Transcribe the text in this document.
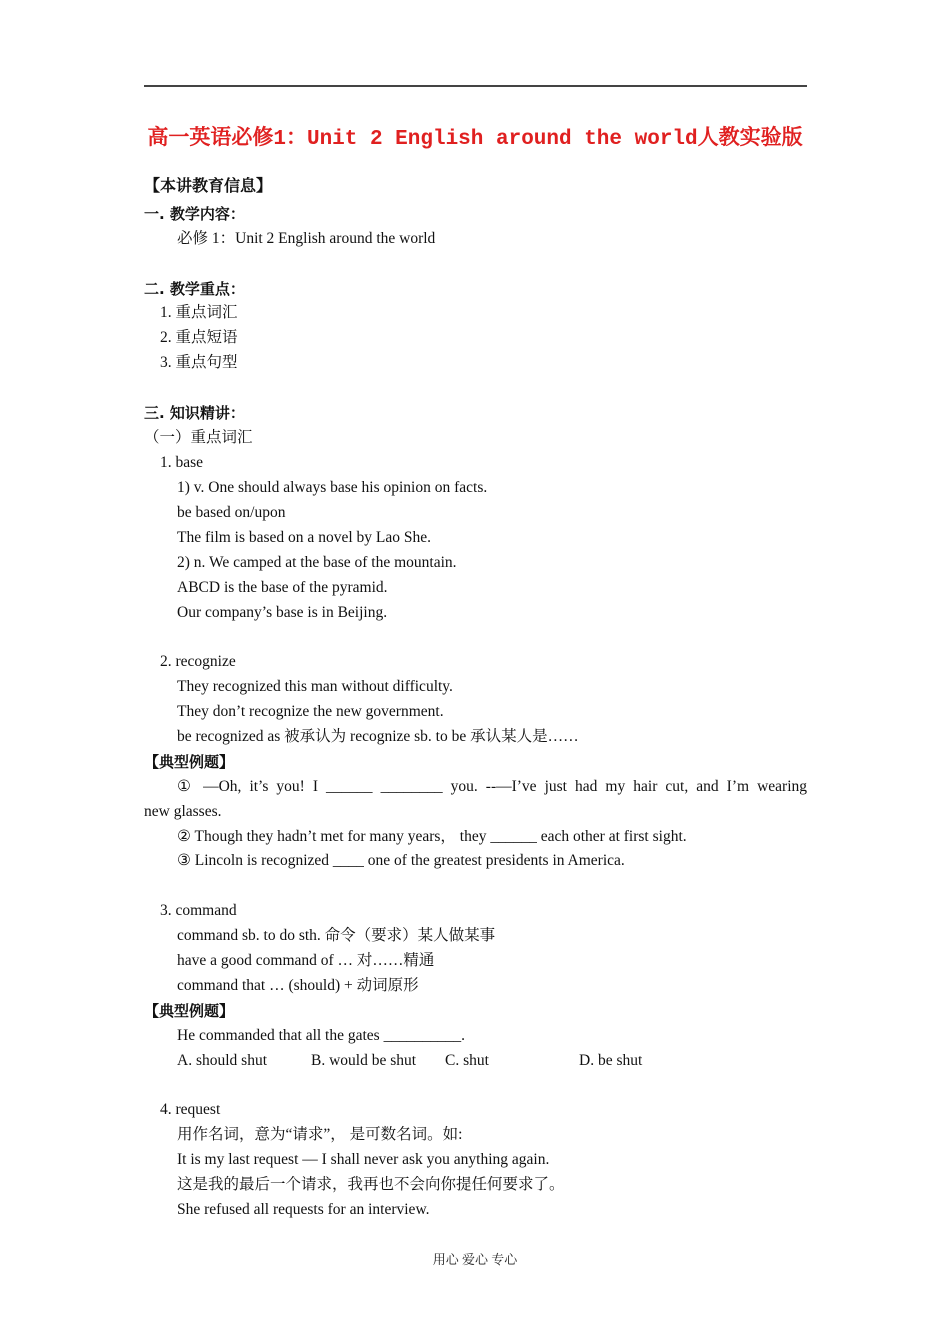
高一英语必修1：Unit 2 English around the world人教实验版
【本讲教育信息】
一. 教学内容：
必修 1：Unit 2 English around the world
二. 教学重点：
1. 重点词汇
2. 重点短语
3. 重点句型
三. 知识精讲：
（一）重点词汇
1. base
1) v. One should always base his opinion on facts.
be based on/upon
The film is based on a novel by Lao She.
2) n. We camped at the base of the mountain.
ABCD is the base of the pyramid.
Our company’s base is in Beijing.
2. recognize
They recognized this man without difficulty.
They don’t recognize the new government.
be recognized as 被承认为 recognize sb. to be 承认某人是……
【典型例题】
① —Oh, it’s you! I ______ ________ you. --—I’ve just had my hair cut, and I’m wearing
new glasses.
② Though they hadn’t met for many years， they ______ each other at first sight.
③ Lincoln is recognized ____ one of the greatest presidents in America.
3. command
command sb. to do sth. 命令（要求）某人做某事
have a good command of … 对……精通
command that … (should) + 动词原形
【典型例题】
He commanded that all the gates __________.
A. should shut	B. would be shut C. shut	D. be shut
4. request
用作名词，意为“请求”， 是可数名词。如:
It is my last request — I shall never ask you anything again.
这是我的最后一个请求，我再也不会向你提任何要求了。
She refused all requests for an interview.
用心 爱心 专心
